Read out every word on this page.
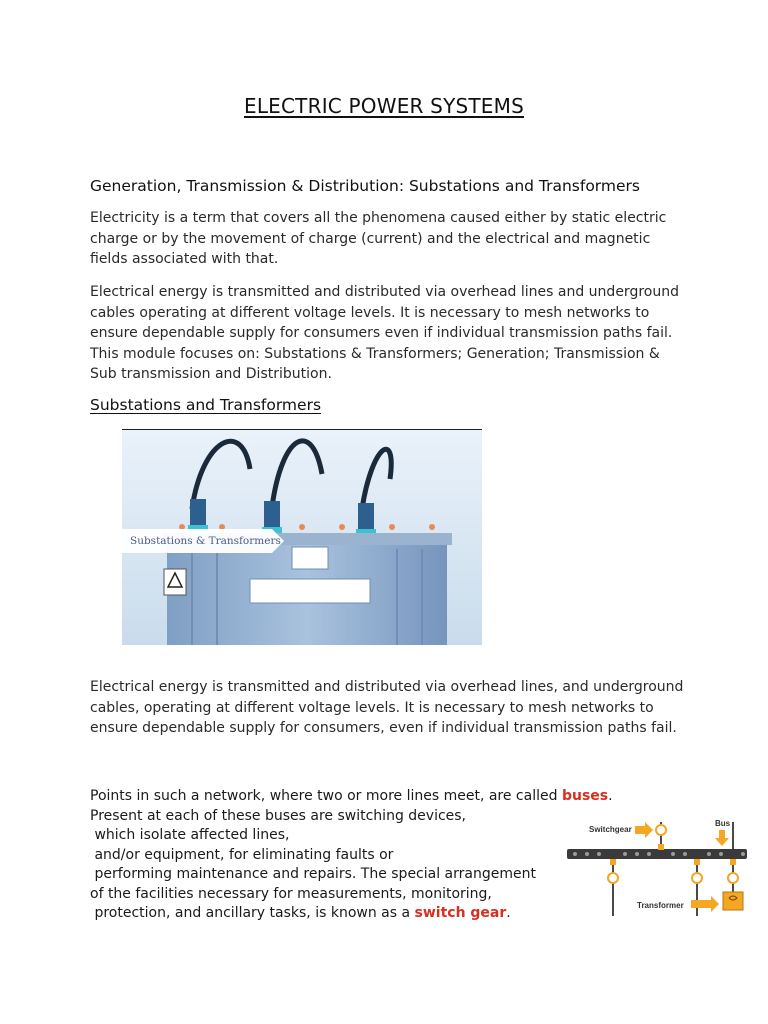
ELECTRIC POWER SYSTEMS
Generation, Transmission & Distribution: Substations and Transformers
Electricity is a term that covers all the phenomena caused either by static electric charge or by the movement of charge (current) and the electrical and magnetic fields associated with that.
Electrical energy is transmitted and distributed via overhead lines and underground cables operating at different voltage levels. It is necessary to mesh networks to ensure dependable supply for consumers even if individual transmission paths fail. This module focuses on: Substations & Transformers; Generation; Transmission & Sub transmission and Distribution.
Substations and Transformers
Substations & Transformers
Electrical energy is transmitted and distributed via overhead lines, and underground cables, operating at different voltage levels. It is necessary to mesh networks to ensure dependable supply for consumers, even if individual transmission paths fail.
Points in such a network, where two or more lines meet, are called buses.
Present at each of these buses are switching devices,
which isolate affected lines,
and/or equipment, for eliminating faults or
performing maintenance and repairs. The special arrangement
of the facilities necessary for measurements, monitoring,
protection, and ancillary tasks, is known as a switch gear.
Switchgear
Bus
Transformer
